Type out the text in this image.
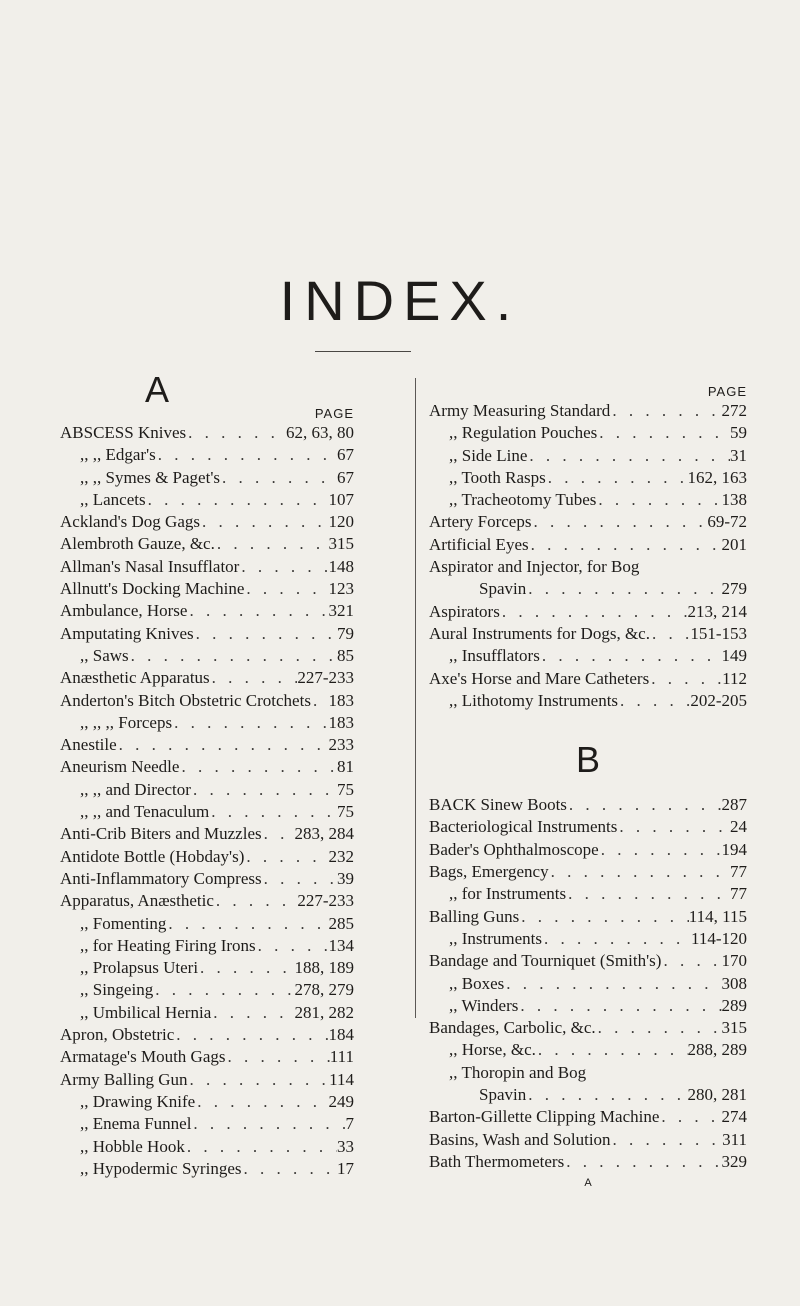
INDEX.
A
PAGE
ABSCESS Knives . . .	62, 63, 80
,, ,, Edgar's . . .	67
,, ,, Symes & Paget's . . .	67
,, Lancets . . .	107
Ackland's Dog Gags . . .	120
Alembroth Gauze, &c. . . .	315
Allman's Nasal Insufflator . . .	148
Allnutt's Docking Machine . . .	123
Ambulance, Horse . . .	321
Amputating Knives . . .	79
,, Saws . . .	85
Anæsthetic Apparatus . . .	227-233
Anderton's Bitch Obstetric Crotchets . . . 183
,, ,, ,, Forceps . . .	183
Anestile . . .	233
Aneurism Needle . . .	81
,, ,, and Director . . .	75
,, ,, and Tenaculum . . .	75
Anti-Crib Biters and Muzzles . . . 283, 284
Antidote Bottle (Hobday's) . . .	232
Anti-Inflammatory Compress . . .	39
Apparatus, Anæsthetic . . .	227-233
,, Fomenting . . .	285
,, for Heating Firing Irons . . .	134
,, Prolapsus Uteri . . .	188, 189
,, Singeing . . .	278, 279
,, Umbilical Hernia . . .	281, 282
Apron, Obstetric . . .	184
Armatage's Mouth Gags . . .	111
Army Balling Gun . . .	114
,, Drawing Knife . . .	249
,, Enema Funnel . . .	7
,, Hobble Hook . . .	33
,, Hypodermic Syringes . . .	17
PAGE
Army Measuring Standard . . .	272
,, Regulation Pouches . . .	59
,, Side Line . . .	31
,, Tooth Rasps . . .	162, 163
,, Tracheotomy Tubes . . .	138
Artery Forceps . . .	69-72
Artificial Eyes . . .	201
Aspirator and Injector, for Bog
Spavin . . .	279
Aspirators . . .	213, 214
Aural Instruments for Dogs, &c. . . . 151-153
,, Insufflators . . .	149
Axe's Horse and Mare Catheters . . .	112
,, Lithotomy Instruments . . .	202-205
B
BACK Sinew Boots . . .	287
Bacteriological Instruments . . .	24
Bader's Ophthalmoscope . . .	194
Bags, Emergency . . .	77
,, for Instruments . . .	77
Balling Guns . . .	114, 115
,, Instruments . . .	114-120
Bandage and Tourniquet (Smith's) . . .	170
,, Boxes . . .	308
,, Winders . . .	289
Bandages, Carbolic, &c. . . .	315
,, Horse, &c. . . .	288, 289
,, Thoropin and Bog
Spavin . . .	280, 281
Barton-Gillette Clipping Machine . . .	274
Basins, Wash and Solution . . .	311
Bath Thermometers . . .	329
A
